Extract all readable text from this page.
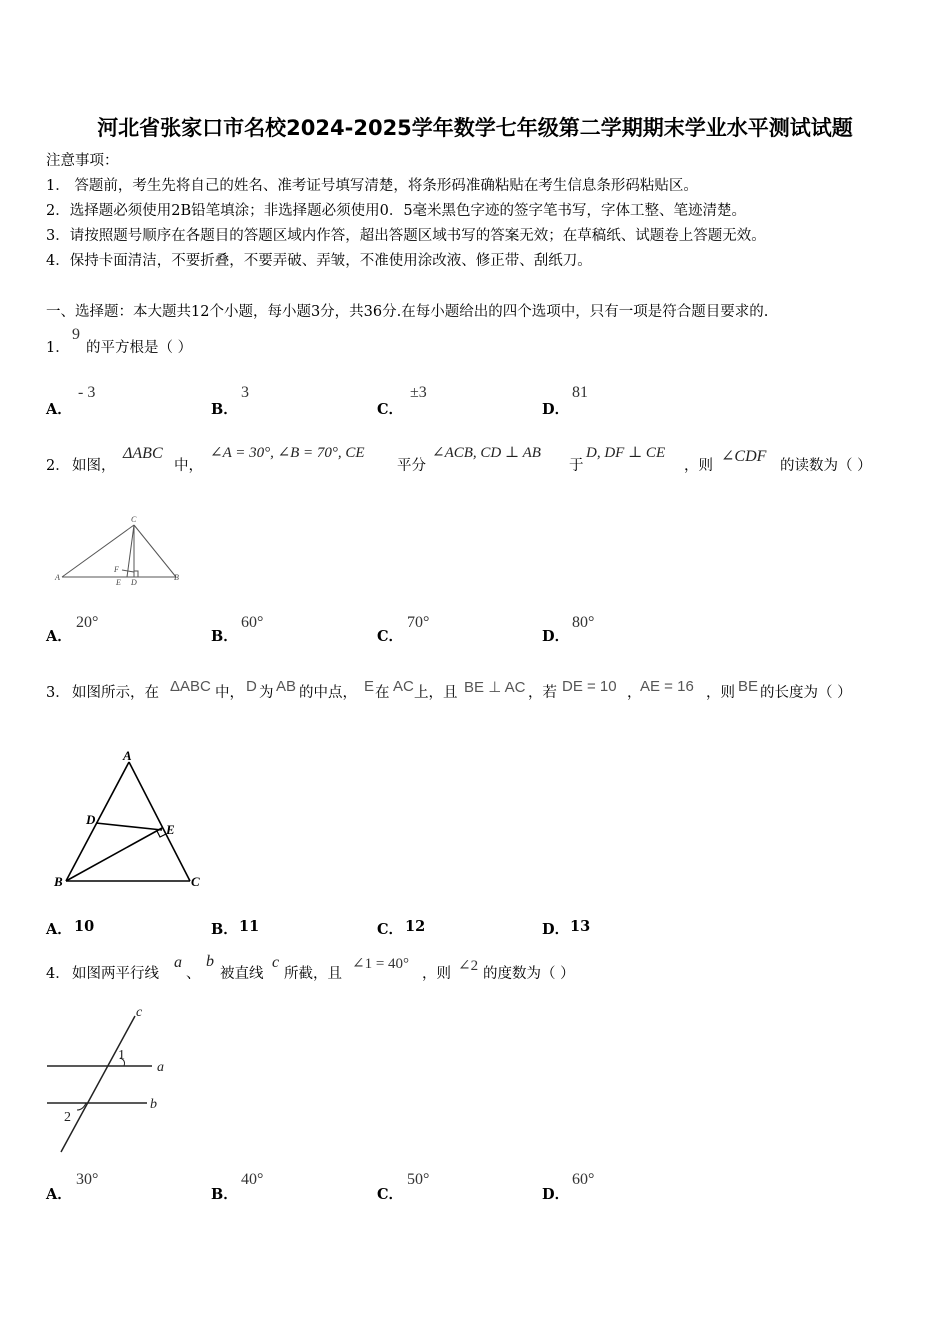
河北省张家口市名校2024-2025学年数学七年级第二学期期末学业水平测试试题
注意事项：
1． 答题前，考生先将自己的姓名、准考证号填写清楚，将条形码准确粘贴在考生信息条形码粘贴区。
2．选择题必须使用2B铅笔填涂；非选择题必须使用0．5毫米黑色字迹的签字笔书写，字体工整、笔迹清楚。
3．请按照题号顺序在各题目的答题区域内作答，超出答题区域书写的答案无效；在草稿纸、试题卷上答题无效。
4．保持卡面清洁，不要折叠，不要弄破、弄皱，不准使用涂改液、修正带、刮纸刀。
一、选择题：本大题共12个小题，每小题3分，共36分.在每小题给出的四个选项中，只有一项是符合题目要求的.
1．
9
的平方根是（ ）
A．
- 3
B．
3
C．
±3
D．
81
2． 如图，
ΔABC
中，
∠A = 30°, ∠B = 70°, CE
平分
∠ACB, CD ⊥ AB
于
D, DF ⊥ CE
，则
∠CDF
的读数为（ ）
C
A	B
F
E D
A．
20°
B．
60°
C．
70°
D．
80°
3． 如图所示，在 ΔABC 中， D 为 AB 的中点， E 在 AC 上，且 BE ⊥ AC ，若 DE = 10 ，
AE = 16 ，则 BE 的长度为（ ）
A
B	C
D
E
A． 10	B． 11	C． 12	D． 13
4． 如图两平行线
a
、
b
被直线
c
所截，且
∠1 = 40°
，则 ∠2 的度数为（ ）
c
a
b
1
2
A．
30°
B．
40°
C．
50°
D．
60°
